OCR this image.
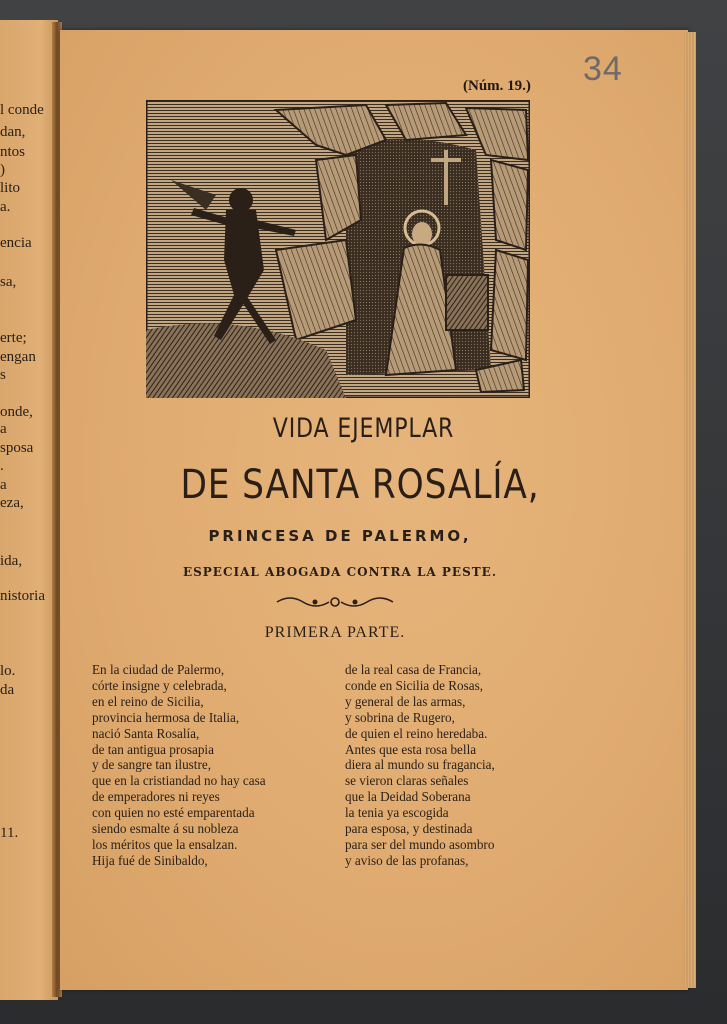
l conde
dan,
ntos
)
lito
a.
encia
sa,
erte;
engan
s
onde,
a
sposa
.
a
eza,
ida,
nistoria
lo.
da
11.
34
(Núm. 19.)
VIDA EJEMPLAR
DE SANTA ROSALÍA,
PRINCESA DE PALERMO,
ESPECIAL ABOGADA CONTRA LA PESTE.
PRIMERA PARTE.
En la ciudad de Palermo,
córte insigne y celebrada,
en el reino de Sicilia,
provincia hermosa de Italia,
nació Santa Rosalía,
de tan antigua prosapia
y de sangre tan ilustre,
que en la cristiandad no hay casa
de emperadores ni reyes
con quien no esté emparentada
siendo esmalte á su nobleza
los méritos que la ensalzan.
Hija fué de Sinibaldo,
de la real casa de Francia,
conde en Sicilia de Rosas,
y general de las armas,
y sobrina de Rugero,
de quien el reino heredaba.
Antes que esta rosa bella
diera al mundo su fragancia,
se vieron claras señales
que la Deidad Soberana
la tenia ya escogida
para esposa, y destinada
para ser del mundo asombro
y aviso de las profanas,
